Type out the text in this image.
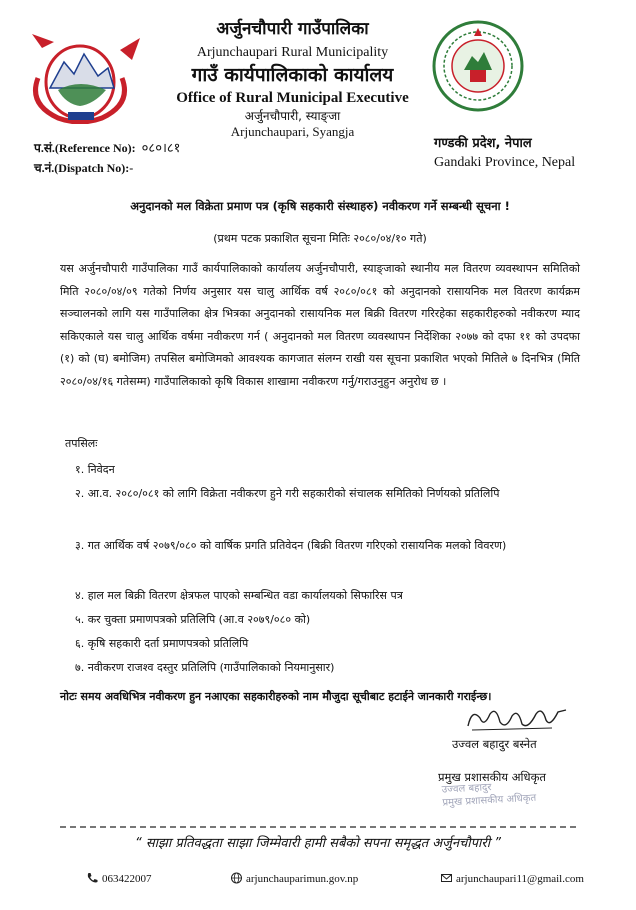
अर्जुनचौपारी गाउँपालिका
Arjunchaupari Rural Municipality
गाउँ कार्यपालिकाको कार्यालय
Office of Rural Municipal Executive
अर्जुनचौपारी, स्याङ्जा
Arjunchaupari, Syangja
प.सं.(Reference No): ०८०।८१
च.नं.(Dispatch No):-
गण्डकी प्रदेश, नेपाल
Gandaki Province, Nepal
अनुदानको मल विक्रेता प्रमाण पत्र (कृषि सहकारी संस्थाहरु) नवीकरण गर्ने सम्बन्धी सूचना !
(प्रथम पटक प्रकाशित सूचना मितिः २०८०/०४/१० गते)
यस अर्जुनचौपारी गाउँपालिका गाउँ कार्यपालिकाको कार्यालय अर्जुनचौपारी, स्याङ्जाको स्थानीय मल वितरण व्यवस्थापन समितिको मिति २०८०/०४/०९ गतेको निर्णय अनुसार यस चालु आर्थिक वर्ष २०८०/०८१ को अनुदानको रासायनिक मल वितरण कार्यक्रम सञ्चालनको लागि यस गाउँपालिका क्षेत्र भित्रका अनुदानको रासायनिक मल बिक्री वितरण गरिरहेका सहकारीहरुको नवीकरण म्याद सकिएकाले यस चालु आर्थिक वर्षमा नवीकरण गर्न ( अनुदानको मल वितरण व्यवस्थापन निर्देशिका २०७७ को दफा ११ को उपदफा (१) को (घ) बमोजिम) तपसिल बमोजिमको आवश्यक कागजात संलग्न राखी यस सूचना प्रकाशित भएको मितिले ७ दिनभित्र (मिति २०८०/०४/१६ गतेसम्म) गाउँपालिकाको कृषि विकास शाखामा नवीकरण गर्नु/गराउनुहुन अनुरोध छ ।
तपसिलः
१. निवेदन
२. आ.व. २०८०/०८१ को लागि विक्रेता नवीकरण हुने गरी सहकारीको संचालक समितिको निर्णयको प्रतिलिपि
३. गत आर्थिक वर्ष २०७९/०८० को वार्षिक प्रगति प्रतिवेदन (बिक्री वितरण गरिएको रासायनिक मलको विवरण)
४. हाल मल बिक्री वितरण क्षेत्रफल पाएको सम्बन्धित वडा कार्यालयको सिफारिस पत्र
५. कर चुक्ता प्रमाणपत्रको प्रतिलिपि (आ.व २०७९/०८० को)
६. कृषि सहकारी दर्ता प्रमाणपत्रको प्रतिलिपि
७. नवीकरण राजश्व दस्तुर प्रतिलिपि (गाउँपालिकाको नियमानुसार)
नोटः समय अवधिभित्र नवीकरण हुन नआएका सहकारीहरुको नाम मौजुदा सूचीबाट हटाईने जानकारी गराईन्छ।
उज्वल बहादुर बस्नेत
प्रमुख प्रशासकीय अधिकृत
उज्वल बहादुर
प्रमुख प्रशासकीय अधिकृत
“ साझा प्रतिवद्धता साझा जिम्मेवारी हामी सबैको सपना समृद्धत अर्जुनचौपारी ”
063422007	arjunchauparimun.gov.np	arjunchaupari11@gmail.com
